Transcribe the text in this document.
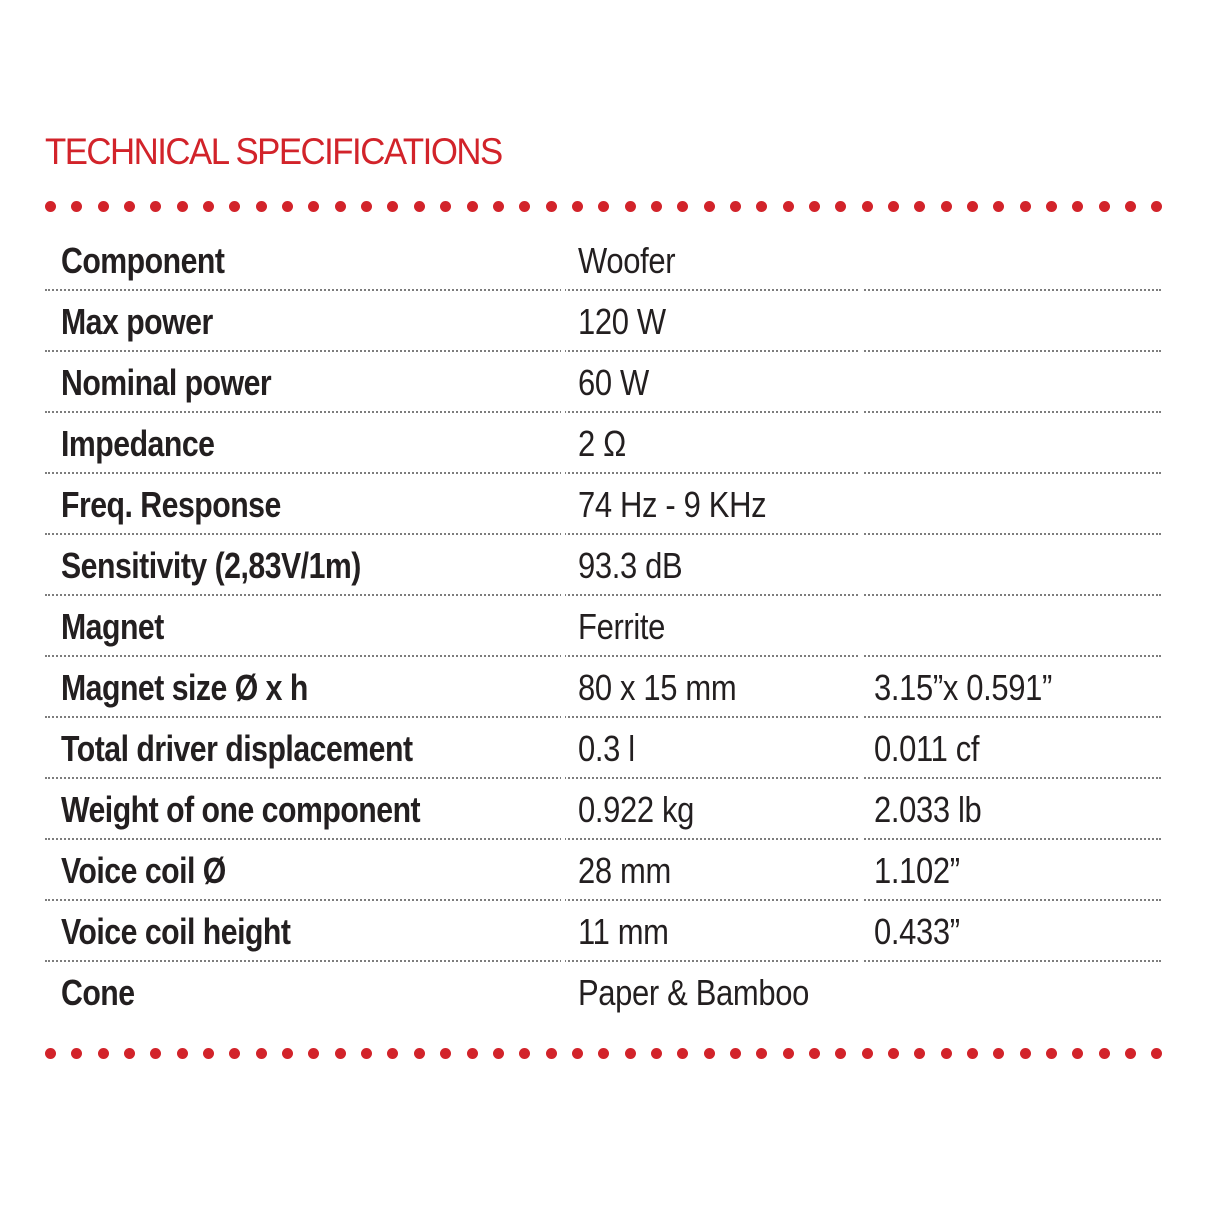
TECHNICAL SPECIFICATIONS
Component	Woofer
Max power	120 W
Nominal power	60 W
Impedance	2 Ω
Freq. Response	74 Hz - 9 KHz
Sensitivity (2,83V/1m)	93.3 dB
Magnet	Ferrite
Magnet size Ø x h	80 x 15 mm	3.15”x 0.591”
Total driver displacement	0.3 l	0.011 cf
Weight of one component	0.922 kg	2.033 lb
Voice coil Ø	28 mm	1.102”
Voice coil height	11 mm	0.433”
Cone	Paper & Bamboo
